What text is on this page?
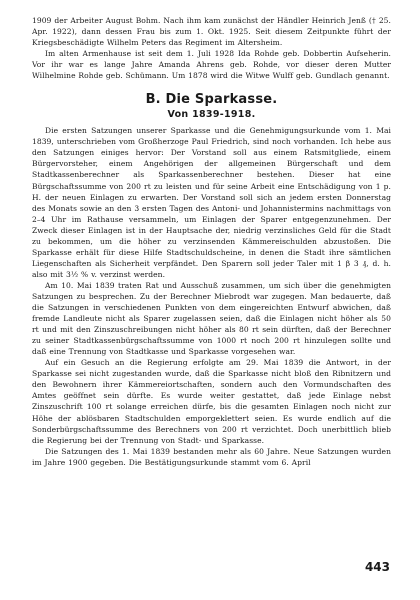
1909 der Arbeiter August Bohm. Nach ihm kam zunächst der Händler Heinrich Jenß († 25. Apr. 1922), dann dessen Frau bis zum 1. Okt. 1925. Seit diesem Zeitpunkte führt der Kriegsbeschädigte Wilhelm Peters das Regiment im Altersheim.

Im alten Armenhause ist seit dem 1. Juli 1928 Ida Rohde geb. Dobbertin Aufseherin. Vor ihr war es lange Jahre Amanda Ahrens geb. Rohde, vor dieser deren Mutter Wilhelmine Rohde geb. Schümann. Um 1878 wird die Witwe Wulff geb. Gundlach genannt.

B. Die Sparkasse.
Von 1839-1918.

Die ersten Satzungen unserer Sparkasse und die Genehmigungsurkunde vom 1. Mai 1839, unterschrieben vom Großherzoge Paul Friedrich, sind noch vorhanden. Ich hebe aus den Satzungen einiges hervor: Der Vorstand soll aus einem Ratsmitgliede, einem Bürgervorsteher, einem Angehörigen der allgemeinen Bürgerschaft und dem Stadtkassenberechner als Sparkassenberechner bestehen. Dieser hat eine Bürgschaftssumme von 200 rt zu leisten und für seine Arbeit eine Entschädigung von 1 p. H. der neuen Einlagen zu erwarten. Der Vorstand soll sich an jedem ersten Donnerstag des Monats sowie an den 3 ersten Tagen des Antoni- und Johannistermins nachmittags von 2–4 Uhr im Rathause versammeln, um Einlagen der Sparer entgegenzunehmen. Der Zweck dieser Einlagen ist in der Hauptsache der, niedrig verzinsliches Geld für die Stadt zu bekommen, um die höher zu verzinsenden Kämmereischulden abzustoßen. Die Sparkasse erhält für diese Hilfe Stadtschuldscheine, in denen die Stadt ihre sämtlichen Liegenschaften als Sicherheit verpfändet. Den Sparern soll jeder Taler mit 1 β 3 ₰, d. h. also mit 3½ % v. verzinst werden.

Am 10. Mai 1839 traten Rat und Ausschuß zusammen, um sich über die genehmigten Satzungen zu besprechen. Zu der Berechner Miebrodt war zugegen. Man bedauerte, daß die Satzungen in verschiedenen Punkten von dem eingereichten Entwurf abwichen, daß fremde Landleute nicht als Sparer zugelassen seien, daß die Einlagen nicht höher als 50 rt und mit den Zinszuschreibungen nicht höher als 80 rt sein dürften, daß der Berechner zu seiner Stadtkassenbürgschaftssumme von 1000 rt noch 200 rt hinzulegen sollte und daß eine Trennung von Stadtkasse und Sparkasse vorgesehen war.

Auf ein Gesuch an die Regierung erfolgte am 29. Mai 1839 die Antwort, in der Sparkasse sei nicht zugestanden wurde, daß die Sparkasse nicht bloß den Ribnitzern und den Bewohnern ihrer Kämmereiortschaften, sondern auch den Vormundschaften des Amtes geöffnet sein dürfte. Es wurde weiter gestattet, daß jede Einlage nebst Zinszuschrift 100 rt solange erreichen dürfe, bis die gesamten Einlagen noch nicht zur Höhe der ablösbaren Stadtschulden emporgeklettert seien. Es wurde endlich auf die Sonderbürgschaftssumme des Berechners von 200 rt verzichtet. Doch unerbittlich blieb die Regierung bei der Trennung von Stadt- und Sparkasse.

Die Satzungen des 1. Mai 1839 bestanden mehr als 60 Jahre. Neue Satzungen wurden im Jahre 1900 gegeben. Die Bestätigungsurkunde stammt vom 6. April

443
